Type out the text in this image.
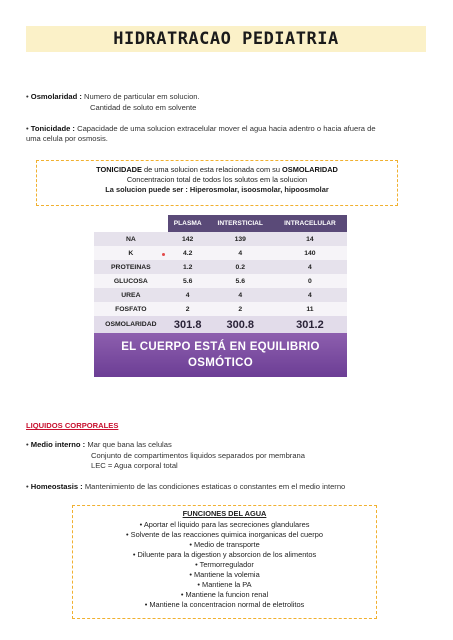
HIDRATRACAO PEDIATRIA
• Osmolaridad : Numero de particular em solucion.
Cantidad de soluto em solvente
• Tonicidade : Capacidade de uma solucion extracelular mover el agua hacia adentro o hacia afuera de
uma celula por osmosis.
TONICIDADE de uma solucion esta relacionada com su OSMOLARIDAD
Concentracion total de todos los solutos em la solucion
La solucion puede ser : Hiperosmolar, isoosmolar, hipoosmolar
	PLASMA	INTERSTICIAL	INTRACELULAR
NA	142	139	14
K	4.2	4	140
PROTEINAS	1.2	0.2	4
GLUCOSA	5.6	5.6	0
UREA	4	4	4
FOSFATO	2	2	11
OSMOLARIDAD	301.8	300.8	301.2
EL CUERPO ESTÁ EN EQUILIBRIO
OSMÓTICO
LIQUIDOS CORPORALES
• Medio interno : Mar que bana las celulas
Conjunto de compartimentos liquidos separados por membrana
LEC = Agua corporal total
• Homeostasis : Mantenimiento de las condiciones estaticas o constantes em el medio interno
FUNCIONES DEL AGUA
• Aportar el liquido para las secreciones glandulares
• Solvente de las reacciones quimica inorganicas del cuerpo
• Medio de transporte
• Diluente para la digestion y absorcion de los alimentos
• Termorregulador
• Mantiene la volemia
• Mantiene la PA
• Mantiene la funcion renal
• Mantiene la concentracion normal de eletrolitos
